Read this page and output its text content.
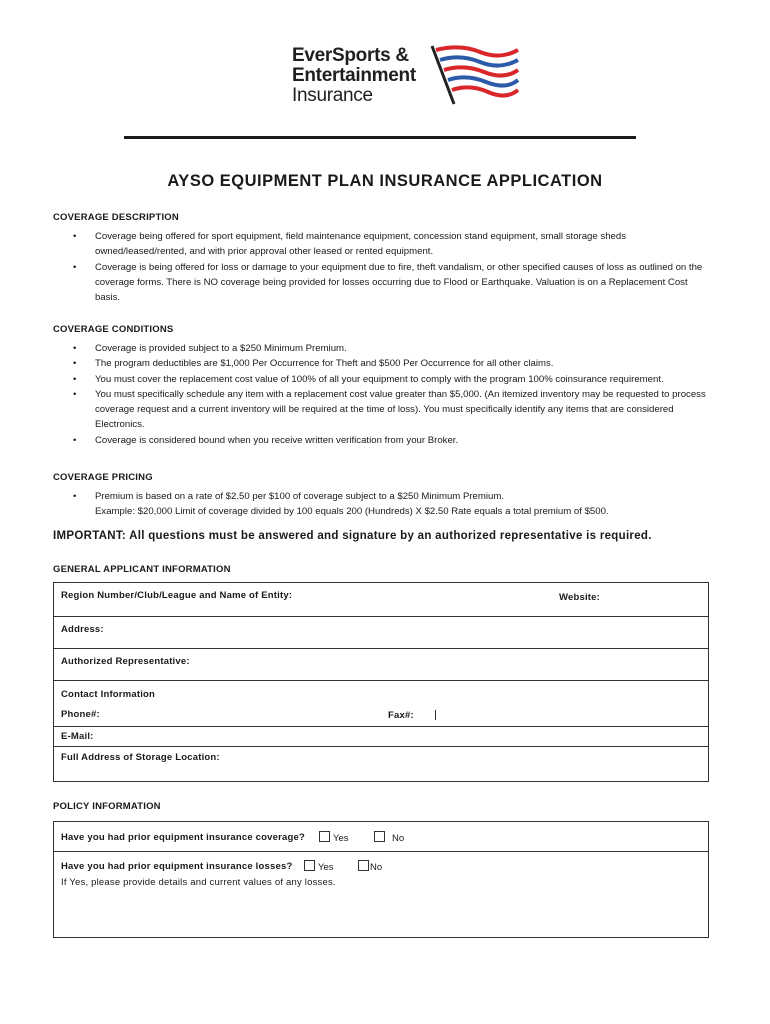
EverSports &
Entertainment
Insurance
AYSO EQUIPMENT PLAN INSURANCE APPLICATION
COVERAGE DESCRIPTION
• Coverage being offered for sport equipment, field maintenance equipment, concession stand equipment, small storage sheds owned/leased/rented, and with prior approval other leased or rented equipment.
• Coverage is being offered for loss or damage to your equipment due to fire, theft vandalism, or other specified causes of loss as outlined on the coverage forms. There is NO coverage being provided for losses occurring due to Flood or Earthquake. Valuation is on a Replacement Cost basis.
COVERAGE CONDITIONS
• Coverage is provided subject to a $250 Minimum Premium.
• The program deductibles are $1,000 Per Occurrence for Theft and $500 Per Occurrence for all other claims.
• You must cover the replacement cost value of 100% of all your equipment to comply with the program 100% coinsurance requirement.
• You must specifically schedule any item with a replacement cost value greater than $5,000. (An itemized inventory may be requested to process coverage request and a current inventory will be required at the time of loss). You must specifically identify any items that are considered Electronics.
• Coverage is considered bound when you receive written verification from your Broker.
COVERAGE PRICING
• Premium is based on a rate of $2.50 per $100 of coverage subject to a $250 Minimum Premium.
Example: $20,000 Limit of coverage divided by 100 equals 200 (Hundreds) X $2.50 Rate equals a total premium of $500.
IMPORTANT: All questions must be answered and signature by an authorized representative is required.
GENERAL APPLICANT INFORMATION
Region Number/Club/League and Name of Entity:	Website:
Address:
Authorized Representative:
Contact Information
Phone#:	Fax#:
E-Mail:
Full Address of Storage Location:
POLICY INFORMATION
Have you had prior equipment insurance coverage?	Yes	No
Have you had prior equipment insurance losses?	Yes	No
If Yes, please provide details and current values of any losses.
